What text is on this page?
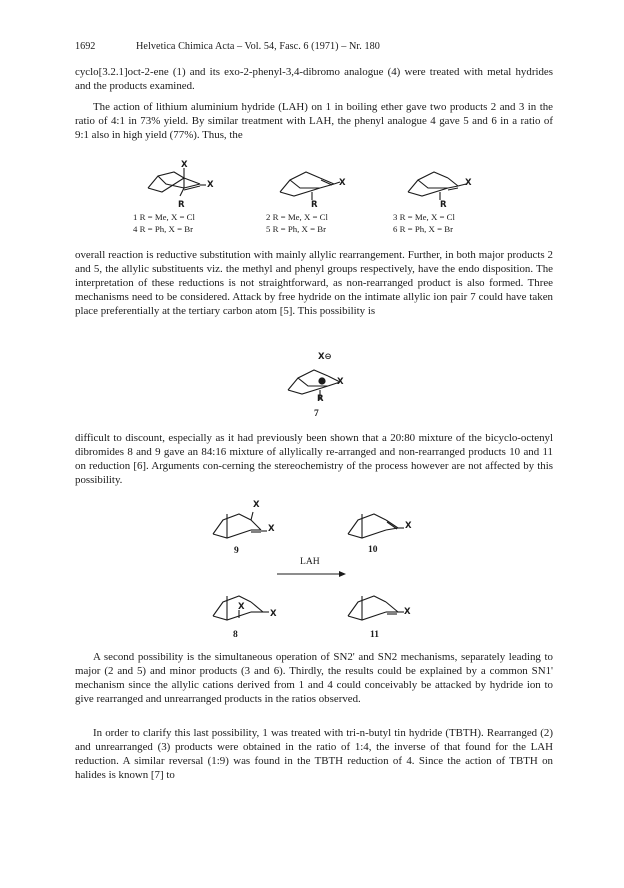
1692	Helvetica Chimica Acta – Vol. 54, Fasc. 6 (1971) – Nr. 180

cyclo[3.2.1]oct-2-ene (1) and its exo-2-phenyl-3,4-dibromo analogue (4) were treated with metal hydrides and the products examined.

The action of lithium aluminium hydride (LAH) on 1 in boiling ether gave two products 2 and 3 in the ratio of 4:1 in 73% yield. By similar treatment with LAH, the phenyl analogue 4 gave 5 and 6 in a ratio of 9:1 also in high yield (77%). Thus, the

X
X
R
X
R
X
R
1 R = Me, X = Cl
4 R = Ph, X = Br
2 R = Me, X = Cl
5 R = Ph, X = Br
3 R = Me, X = Cl
6 R = Ph, X = Br

overall reaction is reductive substitution with mainly allylic rearrangement. Further, in both major products 2 and 5, the allylic substituents viz. the methyl and phenyl groups respectively, have the endo disposition. The interpretation of these reductions is not straightforward, as non-rearranged product is also formed. Three mechanisms need to be considered. Attack by free hydride on the intimate allylic ion pair 7 could have taken place preferentially at the tertiary carbon atom [5]. This possibility is

X⊖
X
R
7

difficult to discount, especially as it had previously been shown that a 20:80 mixture of the bicyclo-octenyl dibromides 8 and 9 gave an 84:16 mixture of allylically re-arranged and non-rearranged products 10 and 11 on reduction [6]. Arguments con-cerning the stereochemistry of the process however are not affected by this possibility.

X
X
9
X
10
LAH
X
X
8
X
11

A second possibility is the simultaneous operation of SN2' and SN2 mechanisms, separately leading to major (2 and 5) and minor products (3 and 6). Thirdly, the results could be explained by a common SN1' mechanism since the allylic cations derived from 1 and 4 could conceivably be attacked by hydride ion to give rearranged and unrearranged products in the ratios observed.

In order to clarify this last possibility, 1 was treated with tri-n-butyl tin hydride (TBTH). Rearranged (2) and unrearranged (3) products were obtained in the ratio of 1:4, the inverse of that found for the LAH reduction. A similar reversal (1:9) was found in the TBTH reduction of 4. Since the action of TBTH on halides is known [7] to
